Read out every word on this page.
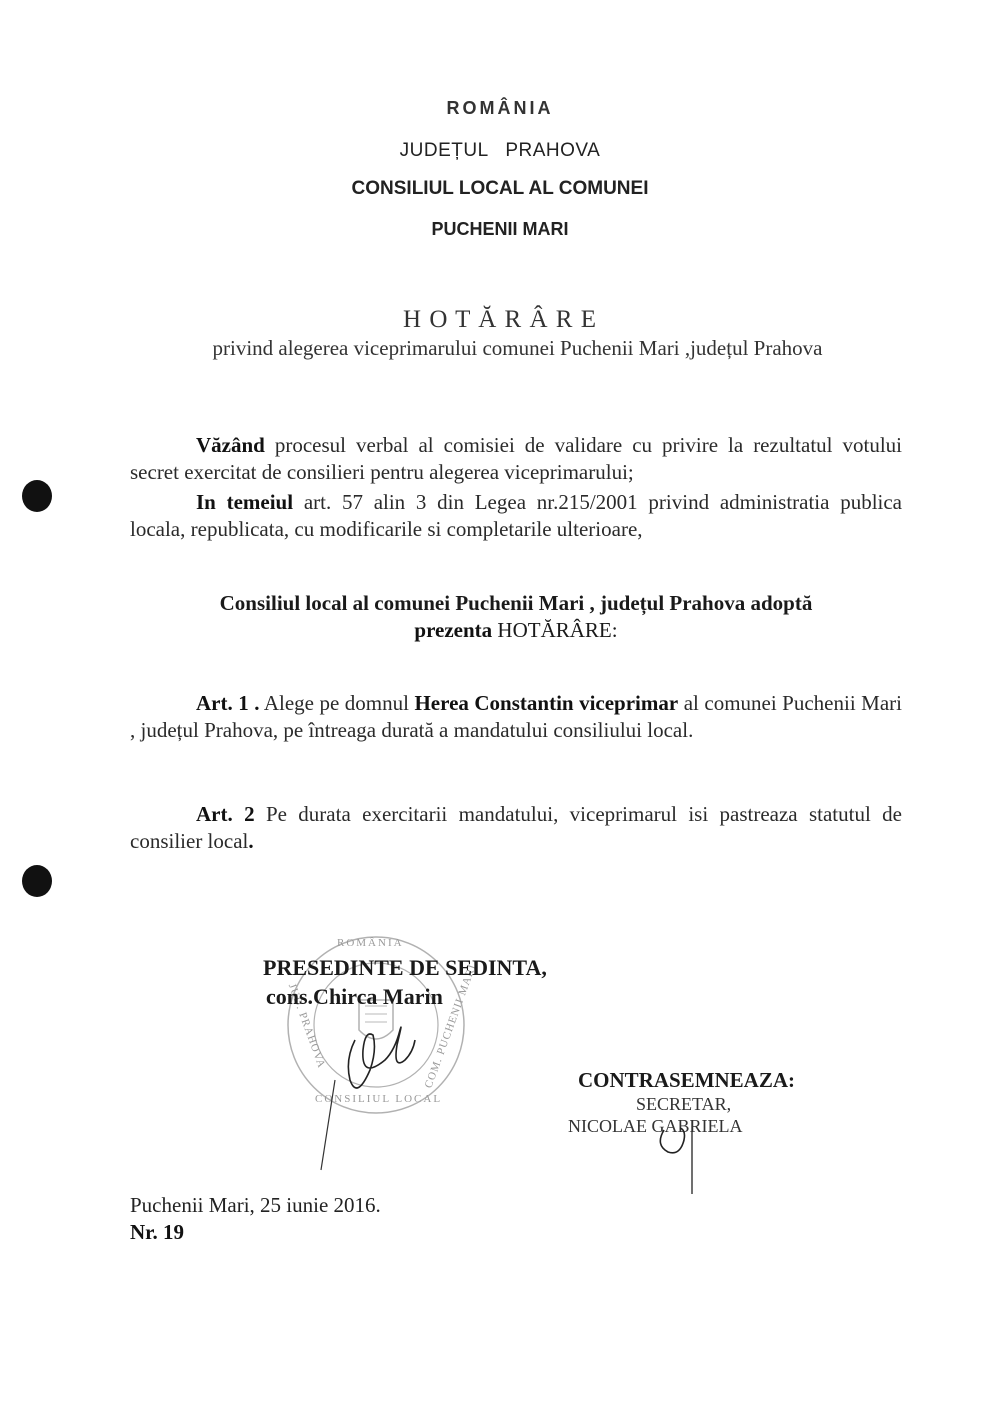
ROMÂNIA
JUDEȚUL   PRAHOVA
CONSILIUL LOCAL AL COMUNEI
PUCHENII MARI
H O T Ă R Â R E
privind alegerea viceprimarului comunei Puchenii Mari ,județul Prahova
Văzând procesul verbal al comisiei de validare cu privire la rezultatul votului secret exercitat de consilieri pentru alegerea viceprimarului;
In temeiul art. 57 alin 3 din Legea nr.215/2001 privind administratia publica locala, republicata, cu modificarile si completarile ulterioare,
Consiliul local al comunei Puchenii Mari , județul Prahova adoptă
prezenta HOTĂRÂRE:
Art. 1 . Alege pe domnul Herea Constantin viceprimar al comunei Puchenii Mari , județul Prahova, pe întreaga durată a mandatului consiliului local.
Art. 2 Pe durata exercitarii mandatului, viceprimarul isi pastreaza statutul de consilier local.
ROMÂNIA
JUD. PRAHOVA	COM. PUCHENII MARI
CONSILIUL LOCAL
PRESEDINTE DE SEDINTA,
cons.Chirca Marin
CONTRASEMNEAZA:
SECRETAR,
NICOLAE GABRIELA
Puchenii Mari, 25 iunie 2016.
Nr. 19
